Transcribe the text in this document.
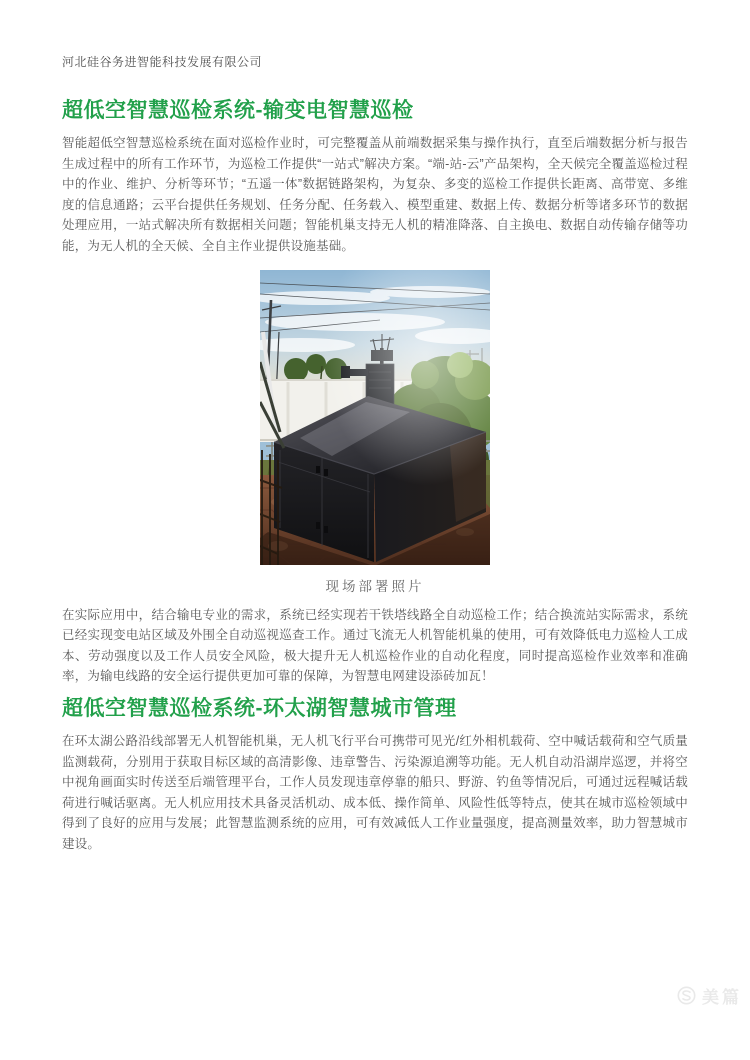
河北硅谷务进智能科技发展有限公司
超低空智慧巡检系统-输变电智慧巡检

智能超低空智慧巡检系统在面对巡检作业时，可完整覆盖从前端数据采集与操作执行，直至后端数据分析与报告生成过程中的所有工作环节，为巡检工作提供“一站式”解决方案。“端-站-云”产品架构，全天候完全覆盖巡检过程中的作业、维护、分析等环节；“五遥一体”数据链路架构，为复杂、多变的巡检工作提供长距离、高带宽、多维度的信息通路；云平台提供任务规划、任务分配、任务载入、模型重建、数据上传、数据分析等诸多环节的数据处理应用，一站式解决所有数据相关问题；智能机巢支持无人机的精准降落、自主换电、数据自动传输存储等功能，为无人机的全天候、全自主作业提供设施基础。

现场部署照片

在实际应用中，结合输电专业的需求，系统已经实现若干铁塔线路全自动巡检工作；结合换流站实际需求，系统已经实现变电站区域及外围全自动巡视巡查工作。通过飞流无人机智能机巢的使用，可有效降低电力巡检人工成本、劳动强度以及工作人员安全风险，极大提升无人机巡检作业的自动化程度，同时提高巡检作业效率和准确率，为输电线路的安全运行提供更加可靠的保障，为智慧电网建设添砖加瓦！

超低空智慧巡检系统-环太湖智慧城市管理

在环太湖公路沿线部署无人机智能机巢，无人机飞行平台可携带可见光/红外相机载荷、空中喊话载荷和空气质量监测载荷，分别用于获取目标区域的高清影像、违章警告、污染源追溯等功能。无人机自动沿湖岸巡逻，并将空中视角画面实时传送至后端管理平台，工作人员发现违章停靠的船只、野游、钓鱼等情况后，可通过远程喊话载荷进行喊话驱离。无人机应用技术具备灵活机动、成本低、操作简单、风险性低等特点，使其在城市巡检领域中得到了良好的应用与发展；此智慧监测系统的应用，可有效减低人工作业量强度，提高测量效率，助力智慧城市建设。

美篇
